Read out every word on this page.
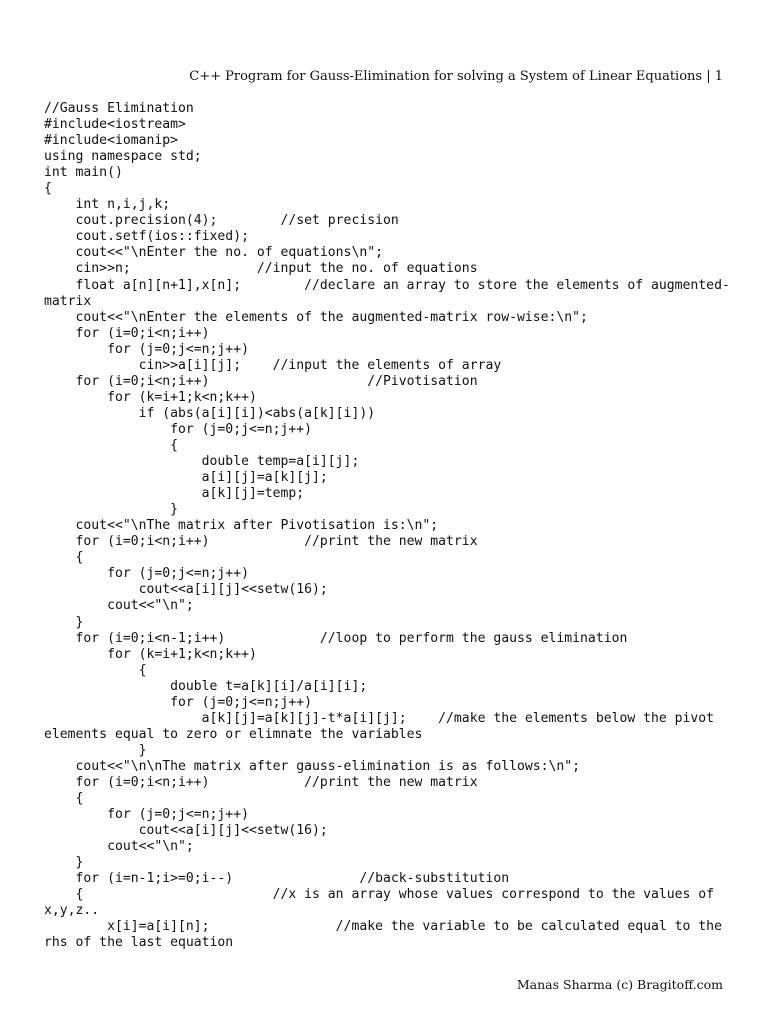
C++ Program for Gauss-Elimination for solving a System of Linear Equations | 1
//Gauss Elimination
#include<iostream>
#include<iomanip>
using namespace std;
int main()
{
int n,i,j,k;
cout.precision(4);        //set precision
cout.setf(ios::fixed);
cout<<"\nEnter the no. of equations\n";
cin>>n;                //input the no. of equations
float a[n][n+1],x[n];        //declare an array to store the elements of augmented-
matrix
cout<<"\nEnter the elements of the augmented-matrix row-wise:\n";
for (i=0;i<n;i++)
for (j=0;j<=n;j++)
cin>>a[i][j];    //input the elements of array
for (i=0;i<n;i++)                    //Pivotisation
for (k=i+1;k<n;k++)
if (abs(a[i][i])<abs(a[k][i]))
for (j=0;j<=n;j++)
{
double temp=a[i][j];
a[i][j]=a[k][j];
a[k][j]=temp;
}
cout<<"\nThe matrix after Pivotisation is:\n";
for (i=0;i<n;i++)            //print the new matrix
{
for (j=0;j<=n;j++)
cout<<a[i][j]<<setw(16);
cout<<"\n";
}
for (i=0;i<n-1;i++)            //loop to perform the gauss elimination
for (k=i+1;k<n;k++)
{
double t=a[k][i]/a[i][i];
for (j=0;j<=n;j++)
a[k][j]=a[k][j]-t*a[i][j];    //make the elements below the pivot
elements equal to zero or elimnate the variables
}
cout<<"\n\nThe matrix after gauss-elimination is as follows:\n";
for (i=0;i<n;i++)            //print the new matrix
{
for (j=0;j<=n;j++)
cout<<a[i][j]<<setw(16);
cout<<"\n";
}
for (i=n-1;i>=0;i--)                //back-substitution
{                        //x is an array whose values correspond to the values of
x,y,z..
x[i]=a[i][n];                //make the variable to be calculated equal to the
rhs of the last equation
Manas Sharma (c) Bragitoff.com
